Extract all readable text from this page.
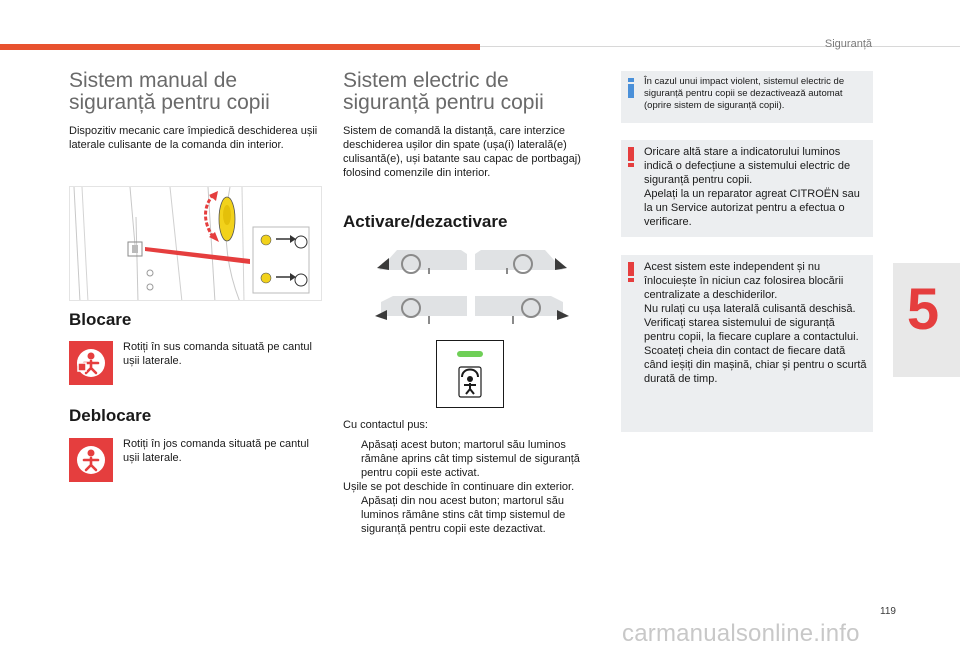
Siguranță
5
Sistem manual de
siguranță pentru copii
Dispozitiv mecanic care împiedică deschiderea ușii laterale culisante de la comanda din interior.
Blocare
Rotiți în sus comanda situată pe cantul ușii laterale.
Deblocare
Rotiți în jos comanda situată pe cantul ușii laterale.
Sistem electric de
siguranță pentru copii
Sistem de comandă la distanță, care interzice deschiderea ușilor din spate (ușa(i) laterală(e) culisantă(e), uși batante sau capac de portbagaj) folosind comenzile din interior.
Activare/dezactivare
Cu contactul pus:
Apăsați acest buton; martorul său luminos rămâne aprins cât timp sistemul de siguranță pentru copii este activat.
Ușile se pot deschide în continuare din exterior.
Apăsați din nou acest buton; martorul său luminos rămâne stins cât timp sistemul de siguranță pentru copii este dezactivat.
În cazul unui impact violent, sistemul electric de siguranță pentru copii se dezactivează automat (oprire sistem de siguranță copii).
Oricare altă stare a indicatorului luminos indică o defecțiune a sistemului electric de siguranță pentru copii.
Apelați la un reparator agreat CITROËN sau la un Service autorizat pentru a efectua o verificare.
Acest sistem este independent și nu înlocuiește în niciun caz folosirea blocării centralizate a deschiderilor.
Nu rulați cu ușa laterală culisantă deschisă.
Verificați starea sistemului de siguranță pentru copii, la fiecare cuplare a contactului.
Scoateți cheia din contact de fiecare dată când ieșiți din mașină, chiar și pentru o scurtă durată de timp.
119
carmanualsonline.info
